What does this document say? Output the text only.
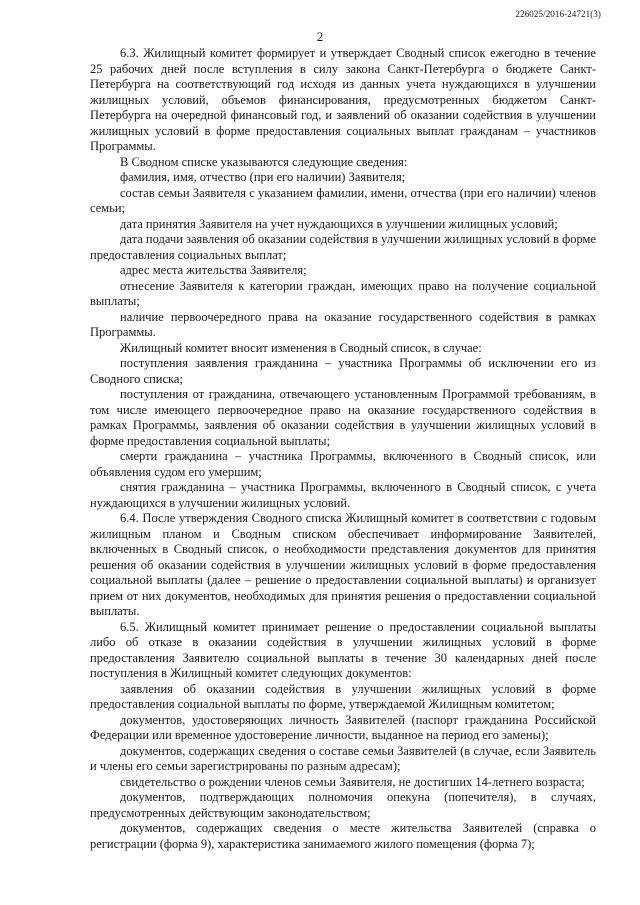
226025/2016-24721(3)
2

6.3. Жилищный комитет формирует и утверждает Сводный список ежегодно в течение 25 рабочих дней после вступления в силу закона Санкт-Петербурга о бюджете Санкт-Петербурга на соответствующий год исходя из данных учета нуждающихся в улучшении жилищных условий, объемов финансирования, предусмотренных бюджетом Санкт-Петербурга на очередной финансовый год, и заявлений об оказании содействия в улучшении жилищных условий в форме предоставления социальных выплат гражданам – участников Программы.

В Сводном списке указываются следующие сведения:

фамилия, имя, отчество (при его наличии) Заявителя;

состав семьи Заявителя с указанием фамилии, имени, отчества (при его наличии) членов семьи;

дата принятия Заявителя на учет нуждающихся в улучшении жилищных условий;

дата подачи заявления об оказании содействия в улучшении жилищных условий в форме предоставления социальных выплат;

адрес места жительства Заявителя;

отнесение Заявителя к категории граждан, имеющих право на получение социальной выплаты;

наличие первоочередного права на оказание государственного содействия в рамках Программы.

Жилищный комитет вносит изменения в Сводный список, в случае:

поступления заявления гражданина – участника Программы об исключении его из Сводного списка;

поступления от гражданина, отвечающего установленным Программой требованиям, в том числе имеющего первоочередное право на оказание государственного содействия в рамках Программы, заявления об оказании содействия в улучшении жилищных условий в форме предоставления социальной выплаты;

смерти гражданина – участника Программы, включенного в Сводный список, или объявления судом его умершим;

снятия гражданина – участника Программы, включенного в Сводный список, с учета нуждающихся в улучшении жилищных условий.

6.4. После утверждения Сводного списка Жилищный комитет в соответствии с годовым жилищным планом и Сводным списком обеспечивает информирование Заявителей, включенных в Сводный список, о необходимости представления документов для принятия решения об оказании содействия в улучшении жилищных условий в форме предоставления социальной выплаты (далее – решение о предоставлении социальной выплаты) и организует прием от них документов, необходимых для принятия решения о предоставлении социальной выплаты.

6.5. Жилищный комитет принимает решение о предоставлении социальной выплаты либо об отказе в оказании содействия в улучшении жилищных условий в форме предоставления Заявителю социальной выплаты в течение 30 календарных дней после поступления в Жилищный комитет следующих документов:

заявления об оказании содействия в улучшении жилищных условий в форме предоставления социальной выплаты по форме, утверждаемой Жилищным комитетом;

документов, удостоверяющих личность Заявителей (паспорт гражданина Российской Федерации или временное удостоверение личности, выданное на период его замены);

документов, содержащих сведения о составе семьи Заявителей (в случае, если Заявитель и члены его семьи зарегистрированы по разным адресам);

свидетельство о рождении членов семьи Заявителя, не достигших 14-летнего возраста;

документов, подтверждающих полномочия опекуна (попечителя), в случаях, предусмотренных действующим законодательством;

документов, содержащих сведения о месте жительства Заявителей (справка о регистрации (форма 9), характеристика занимаемого жилого помещения (форма 7);
